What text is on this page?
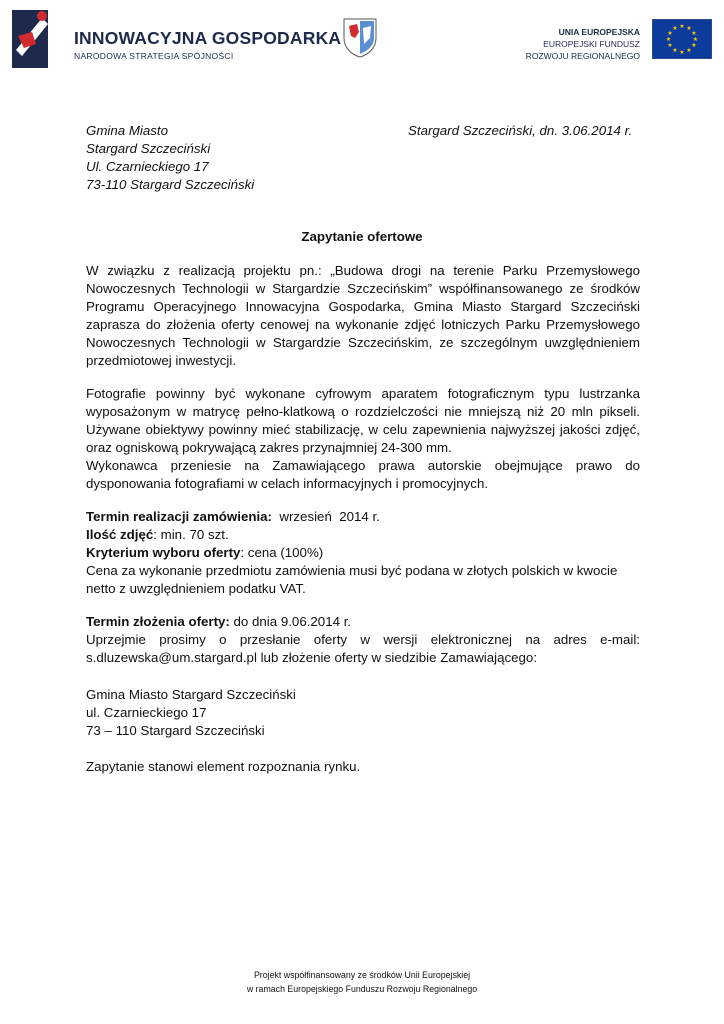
INNOWACYJNA GOSPODARKA
NARODOWA STRATEGIA SPÓJNOŚCI
UNIA EUROPEJSKA
EUROPEJSKI FUNDUSZ
ROZWOJU REGIONALNEGO
★ ★
★
★
★
★
★
★
★
★
★
★
Gmina Miasto
Stargard Szczeciński
Ul. Czarnieckiego 17
73-110 Stargard Szczeciński
Stargard Szczeciński, dn. 3.06.2014 r.
Zapytanie ofertowe
W związku z realizacją projektu pn.: „Budowa drogi na terenie Parku Przemysłowego
Nowoczesnych Technologii w Stargardzie Szczecińskim” współfinansowanego ze środków
Programu Operacyjnego Innowacyjna Gospodarka, Gmina Miasto Stargard Szczeciński
zaprasza do złożenia oferty cenowej na wykonanie zdjęć lotniczych Parku Przemysłowego
Nowoczesnych Technologii w Stargardzie Szczecińskim, ze szczególnym uwzględnieniem
przedmiotowej inwestycji.
Fotografie powinny być wykonane cyfrowym aparatem fotograficznym typu lustrzanka
wyposażonym w matrycę pełno-klatkową o rozdzielczości nie mniejszą niż 20 mln pikseli.
Używane obiektywy powinny mieć stabilizację, w celu zapewnienia najwyższej jakości zdjęć,
oraz ogniskową pokrywającą zakres przynajmniej 24-300 mm.
Wykonawca przeniesie na Zamawiającego prawa autorskie obejmujące prawo do
dysponowania fotografiami w celach informacyjnych i promocyjnych.
Termin realizacji zamówienia:  wrzesień  2014 r.
Ilość zdjęć: min. 70 szt.
Kryterium wyboru oferty: cena (100%)
Cena za wykonanie przedmiotu zamówienia musi być podana w złotych polskich w kwocie
netto z uwzględnieniem podatku VAT.
Termin złożenia oferty: do dnia 9.06.2014 r.
Uprzejmie prosimy o przesłanie oferty w wersji elektronicznej na adres e-mail:
s.dluzewska@um.stargard.pl lub złożenie oferty w siedzibie Zamawiającego:
Gmina Miasto Stargard Szczeciński
ul. Czarnieckiego 17
73 – 110 Stargard Szczeciński
Zapytanie stanowi element rozpoznania rynku.
Projekt współfinansowany ze środków Unii Europejskiej
w ramach Europejskiego Funduszu Rozwoju Regionalnego
